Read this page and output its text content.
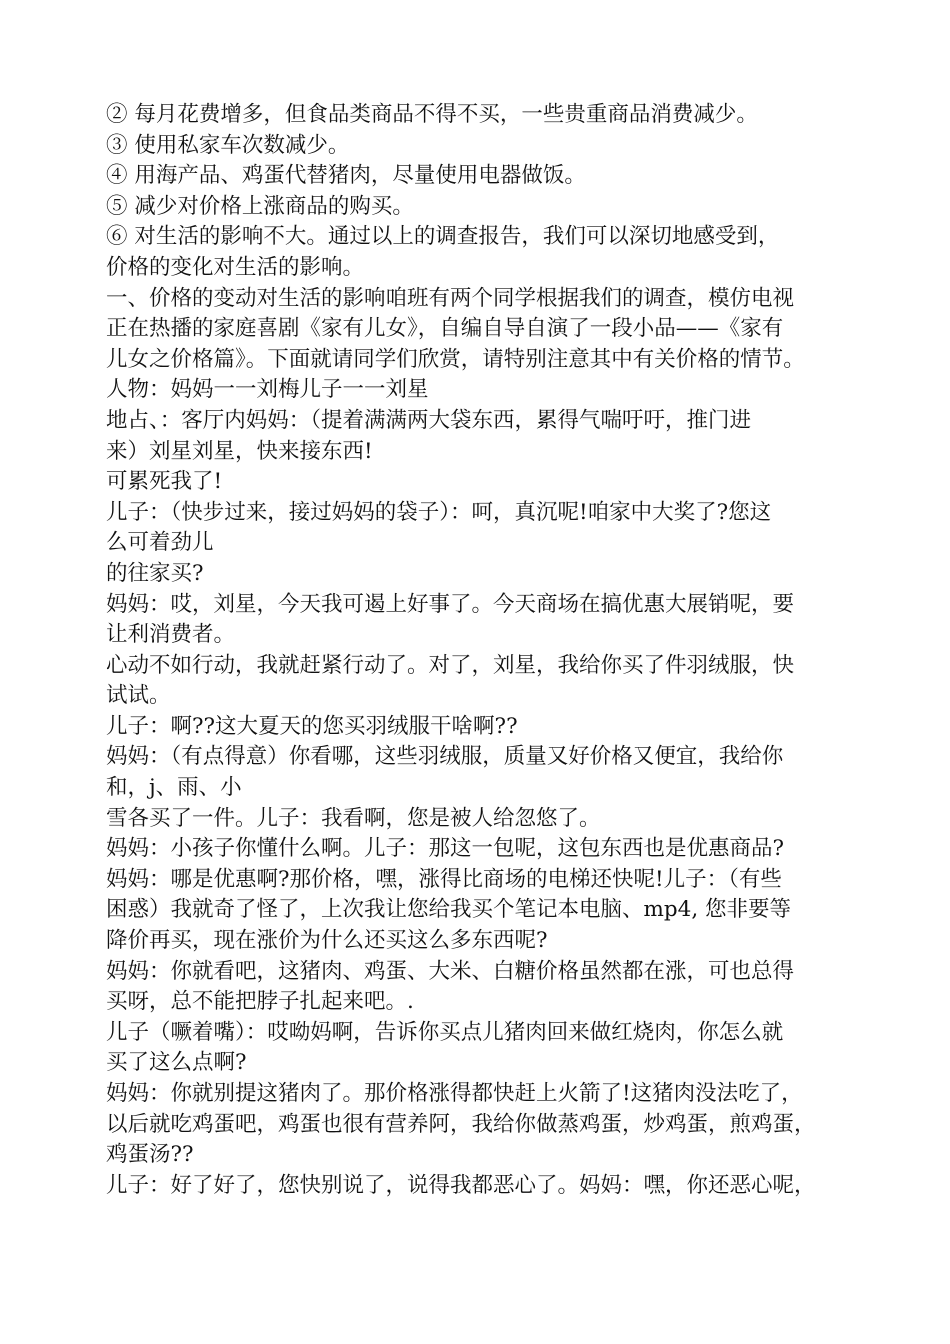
② 每月花费增多，但食品类商品不得不买，一些贵重商品消费减少。
③ 使用私家车次数减少。
④ 用海产品、鸡蛋代替猪肉，尽量使用电器做饭。
⑤ 减少对价格上涨商品的购买。
⑥ 对生活的影响不大。通过以上的调查报告，我们可以深切地感受到，
价格的变化对生活的影响。
一、价格的变动对生活的影响咱班有两个同学根据我们的调查，模仿电视
正在热播的家庭喜剧《家有儿女》，自编自导自演了一段小品——《家有
儿女之价格篇》。下面就请同学们欣赏，请特别注意其中有关价格的情节。
人物：妈妈一一刘梅儿子一一刘星
地占、：客厅内妈妈：（提着满满两大袋东西，累得气喘吁吁，推门进
来）刘星刘星，快来接东西!
可累死我了!
儿子：（快步过来，接过妈妈的袋子）：呵，真沉呢!咱家中大奖了?您这
么可着劲儿
的往家买?
妈妈：哎，刘星，今天我可遏上好事了。今天商场在搞优惠大展销呢，要
让利消费者。
心动不如行动，我就赶紧行动了。对了，刘星，我给你买了件羽绒服，快
试试。
儿子：啊??这大夏天的您买羽绒服干啥啊??
妈妈：（有点得意）你看哪，这些羽绒服，质量又好价格又便宜，我给你
和，j、雨、小
雪各买了一件。儿子：我看啊，您是被人给忽悠了。
妈妈：小孩子你懂什么啊。儿子：那这一包呢，这包东西也是优惠商品?
妈妈：哪是优惠啊?那价格，嘿，涨得比商场的电梯还快呢!儿子：（有些
困惑）我就奇了怪了，上次我让您给我买个笔记本电脑、mp4, 您非要等
降价再买，现在涨价为什么还买这么多东西呢?
妈妈：你就看吧，这猪肉、鸡蛋、大米、白糖价格虽然都在涨，可也总得
买呀，总不能把脖子扎起来吧。.
儿子（噘着嘴）：哎呦妈啊，告诉你买点儿猪肉回来做红烧肉，你怎么就
买了这么点啊?
妈妈：你就别提这猪肉了。那价格涨得都快赶上火箭了!这猪肉没法吃了，
以后就吃鸡蛋吧，鸡蛋也很有营养阿，我给你做蒸鸡蛋，炒鸡蛋，煎鸡蛋，
鸡蛋汤??
儿子：好了好了，您快别说了，说得我都恶心了。妈妈：嘿，你还恶心呢，
